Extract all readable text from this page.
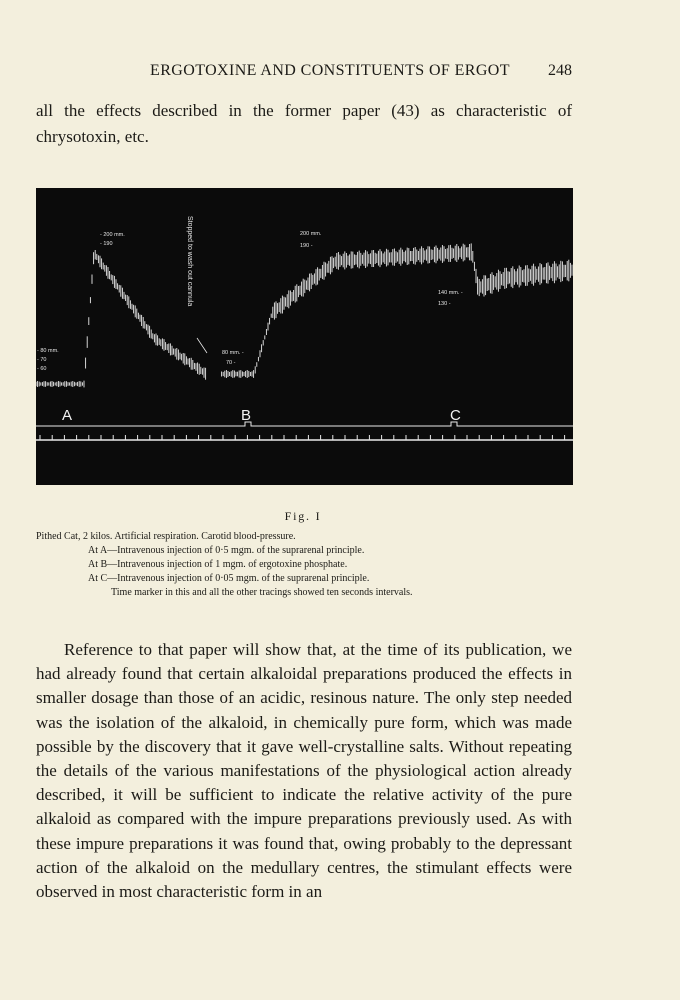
ERGOTOXINE AND CONSTITUENTS OF ERGOT	248

all the effects described in the former paper (43) as characteristic of chrysotoxin, etc.

A	B	C
- 200 mm.
- 190
200 mm.
190 -
140 mm. -
130 -
- 80 mm.
- 70
- 60
80 mm. -
70 -
Stopped to wash out cannula
Fig. I

Pithed Cat, 2 kilos. Artificial respiration. Carotid blood-pressure.

At A—Intravenous injection of 0·5 mgm. of the suprarenal principle.

At B—Intravenous injection of 1 mgm. of ergotoxine phosphate.

At C—Intravenous injection of 0·05 mgm. of the suprarenal principle.

Time marker in this and all the other tracings showed ten seconds intervals.

Reference to that paper will show that, at the time of its publication, we had already found that certain alkaloidal preparations produced the effects in smaller dosage than those of an acidic, resinous nature. The only step needed was the isolation of the alkaloid, in chemically pure form, which was made possible by the discovery that it gave well-crystalline salts. Without repeating the details of the various manifestations of the physiological action already described, it will be sufficient to indicate the relative activity of the pure alkaloid as compared with the impure preparations previously used. As with these impure preparations it was found that, owing probably to the depressant action of the alkaloid on the medullary centres, the stimulant effects were observed in most characteristic form in an
